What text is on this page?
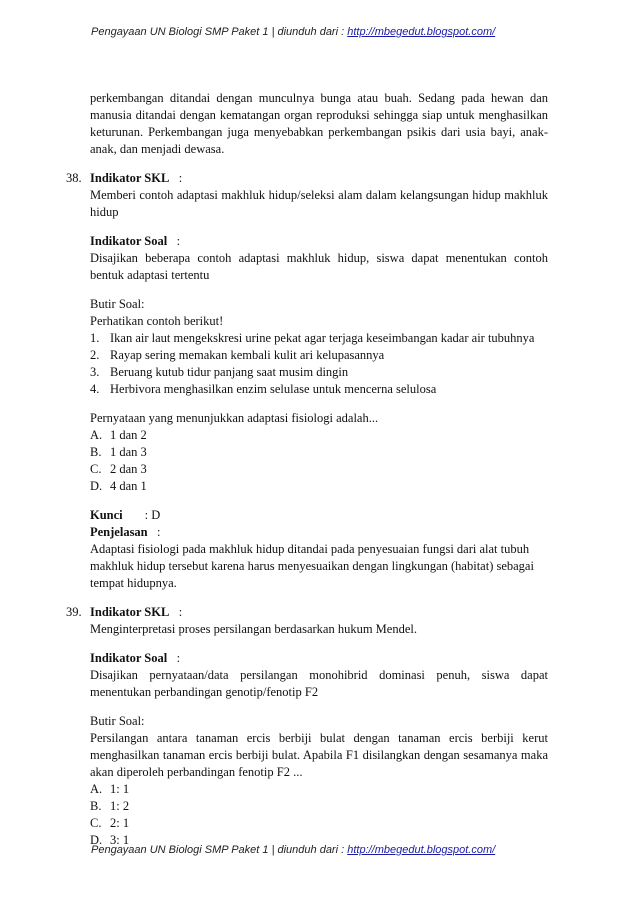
Pengayaan UN Biologi SMP Paket 1 | diunduh dari : http://mbegedut.blogspot.com/
perkembangan ditandai dengan munculnya bunga atau buah. Sedang pada hewan dan manusia ditandai dengan kematangan organ reproduksi sehingga siap untuk menghasilkan keturunan. Perkembangan juga menyebabkan perkembangan psikis dari usia bayi, anak-anak, dan menjadi dewasa.
38. Indikator SKL :
Memberi contoh adaptasi makhluk hidup/seleksi alam dalam kelangsungan hidup makhluk hidup
Indikator Soal :
Disajikan beberapa contoh adaptasi makhluk hidup, siswa dapat menentukan contoh bentuk adaptasi tertentu
Butir Soal:
Perhatikan contoh berikut!
1. Ikan air laut mengekskresi urine pekat agar terjaga keseimbangan kadar air tubuhnya
2. Rayap sering memakan kembali kulit ari kelupasannya
3. Beruang kutub tidur panjang saat musim dingin
4. Herbivora menghasilkan enzim selulase untuk mencerna selulosa
Pernyataan yang menunjukkan adaptasi fisiologi adalah...
A. 1 dan 2
B. 1 dan 3
C. 2 dan 3
D. 4 dan 1
Kunci : D
Penjelasan :
Adaptasi fisiologi pada makhluk hidup ditandai pada penyesuaian fungsi dari alat tubuh makhluk hidup tersebut karena harus menyesuaikan dengan lingkungan (habitat) sebagai tempat hidupnya.
39. Indikator SKL :
Menginterpretasi proses persilangan berdasarkan hukum Mendel.
Indikator Soal :
Disajikan pernyataan/data persilangan monohibrid dominasi penuh, siswa dapat menentukan perbandingan genotip/fenotip F2
Butir Soal:
Persilangan antara tanaman ercis berbiji bulat dengan tanaman ercis berbiji kerut menghasilkan tanaman ercis berbiji bulat. Apabila F1 disilangkan dengan sesamanya maka akan diperoleh perbandingan fenotip F2 ...
A. 1: 1
B. 1: 2
C. 2: 1
D. 3: 1
Pengayaan UN Biologi SMP Paket 1 | diunduh dari : http://mbegedut.blogspot.com/
